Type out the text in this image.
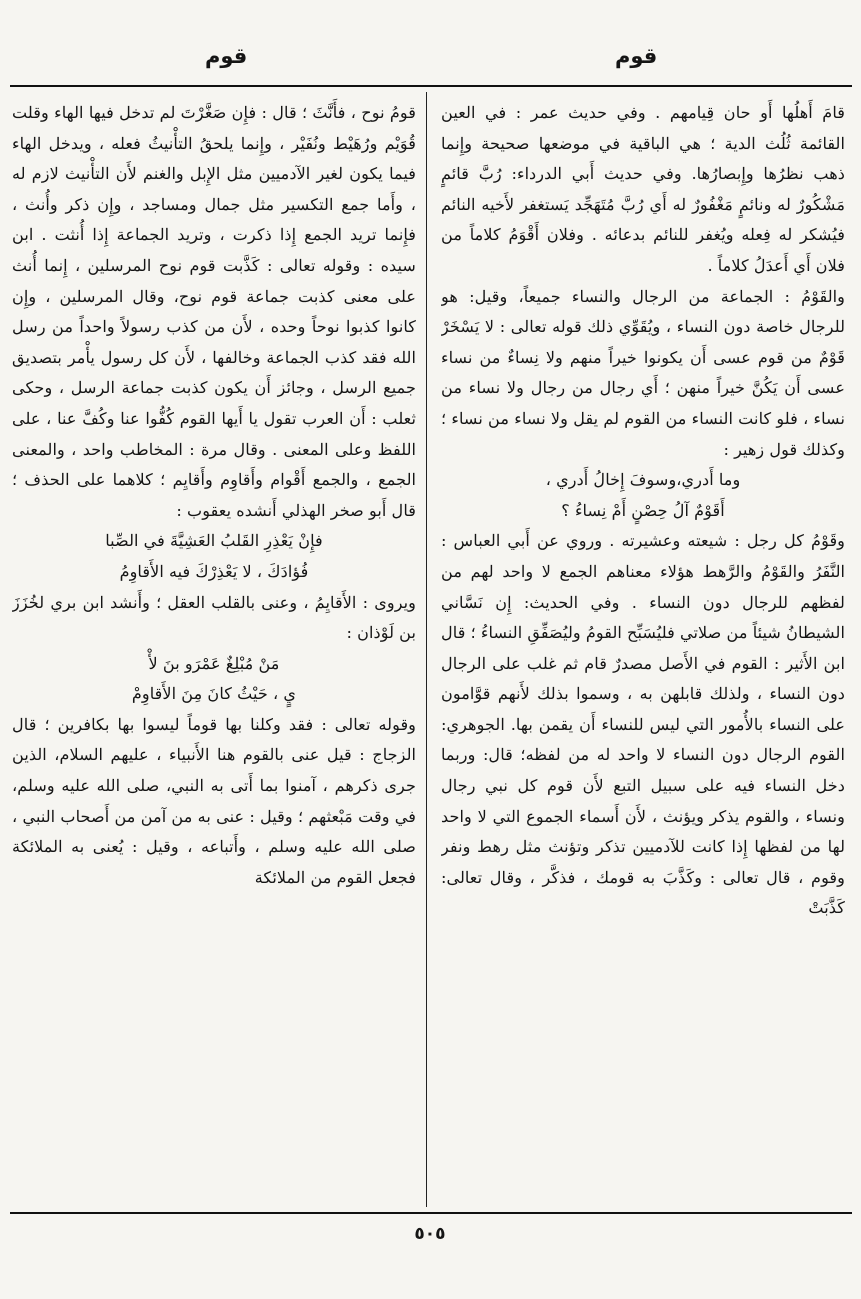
قوم	قوم

قامَ أَهلُها أَو حان قِيامهم . وفي حديث عمر : في العين القائمة ثُلُث الدية ؛ هي الباقية في موضعها صحيحة وإِنما ذهب نظرُها وإِبصارُها. وفي حديث أَبي الدرداء: رُبَّ قائمٍ مَشْكُورٌ له ونائمٍ مَغْفُورٌ له أَي رُبَّ مُتَهَجِّد يَستغفر لأَخيه النائم فيُشكر له فِعله ويُغفر للنائم بدعائه . وفلان أَقْوَمُ كلاماً من فلان أَي أَعدَلُ كلاماً .

والقَوْمُ : الجماعة من الرجال والنساء جميعاً، وقيل: هو للرجال خاصة دون النساء ، ويُقَوِّي ذلك قوله تعالى : لا يَسْخَرْ قَوْمٌ من قوم عسى أَن يكونوا خيراً منهم ولا نِساءٌ من نساء عسى أَن يَكُنَّ خيراً منهن ؛ أَي رجال من رجال ولا نساء من نساء ، فلو كانت النساء من القوم لم يقل ولا نساء من نساء ؛ وكذلك قول زهير :

وما أَدري،وسوفَ إِخالُ أَدري ،

أَقَوْمٌ آلُ حِصْنٍ أَمْ نِساءُ ؟

وقَوْمُ كل رجل : شيعته وعشيرته . وروي عن أَبي العباس : النَّفَرُ والقَوْمُ والرَّهط هؤلاء معناهم الجمع لا واحد لهم من لفظهم للرجال دون النساء . وفي الحديث: إِن نَسَّاني الشيطانُ شيئاً من صلاتي فليُسَبِّح القومُ وليُصَفِّقِ النساءُ ؛ قال ابن الأَثير : القوم في الأَصل مصدرٌ قام ثم غلب على الرجال دون النساء ، ولذلك قابلهن به ، وسموا بذلك لأَنهم قوَّامون على النساء بالأُمور التي ليس للنساء أَن يقمن بها. الجوهري: القوم الرجال دون النساء لا واحد له من لفظه؛ قال: وربما دخل النساء فيه على سبيل التبع لأَن قوم كل نبي رجال ونساء ، والقوم يذكر ويؤنث ، لأَن أَسماء الجموع التي لا واحد لها من لفظها إِذا كانت للآدميين تذكر وتؤنث مثل رهط ونفر وقوم ، قال تعالى : وكَذَّبَ به قومك ، فذكَّر ، وقال تعالى: كَذَّبَتْ

قومُ نوح ، فأَنَّثَ ؛ قال : فإِن صَغَّرْتَ لم تدخل فيها الهاء وقلت قُوَيْم ورُهَيْط ونُفَيْر ، وإِنما يلحقُ التأْنيثُ فعله ، ويدخل الهاء فيما يكون لغير الآدميين مثل الإِبل والغنم لأَن التأْنيث لازم له ، وأَما جمع التكسير مثل جمال ومساجد ، وإِن ذكر وأُنث ، فإِنما تريد الجمع إِذا ذكرت ، وتريد الجماعة إِذا أُنثت . ابن سيده : وقوله تعالى : كَذَّبت قوم نوح المرسلين ، إِنما أُنث على معنى كذبت جماعة قوم نوح، وقال المرسلين ، وإِن كانوا كذبوا نوحاً وحده ، لأَن من كذب رسولاً واحداً من رسل الله فقد كذب الجماعة وخالفها ، لأَن كل رسول يأْمر بتصديق جميع الرسل ، وجائز أَن يكون كذبت جماعة الرسل ، وحكى ثعلب : أَن العرب تقول يا أَيها القوم كُفُّوا عنا وكُفَّ عنا ، على اللفظ وعلى المعنى . وقال مرة : المخاطب واحد ، والمعنى الجمع ، والجمع أَقْوام وأَقاوِم وأَقايِم ؛ كلاهما على الحذف ؛ قال أَبو صخر الهذلي أَنشده يعقوب :

فإِنْ يَعْذِرِ القَلبُ العَشِيَّةَ في الصِّبا

فُؤادَكَ ، لا يَعْذِرْكَ فيه الأَقاوِمُ

ويروى : الأَقايِمُ ، وعنى بالقلب العقل ؛ وأَنشد ابن بري لخُزَزَ بن لَوْذان :

مَنْ مُبْلِغٌ عَمْرَو بنَ لأْ

يٍ ، حَيْثُ كانَ مِنَ الأَقاوِمْ

وقوله تعالى : فقد وكلنا بها قوماً ليسوا بها بكافرين ؛ قال الزجاج : قيل عنى بالقوم هنا الأَنبياء ، عليهم السلام، الذين جرى ذكرهم ، آمنوا بما أَتى به النبي، صلى الله عليه وسلم، في وقت مَبْعثهم ؛ وقيل : عنى به من آمن من أَصحاب النبي ، صلى الله عليه وسلم ، وأَتباعه ، وقيل : يُعنى به الملائكة فجعل القوم من الملائكة

٥٠٥
